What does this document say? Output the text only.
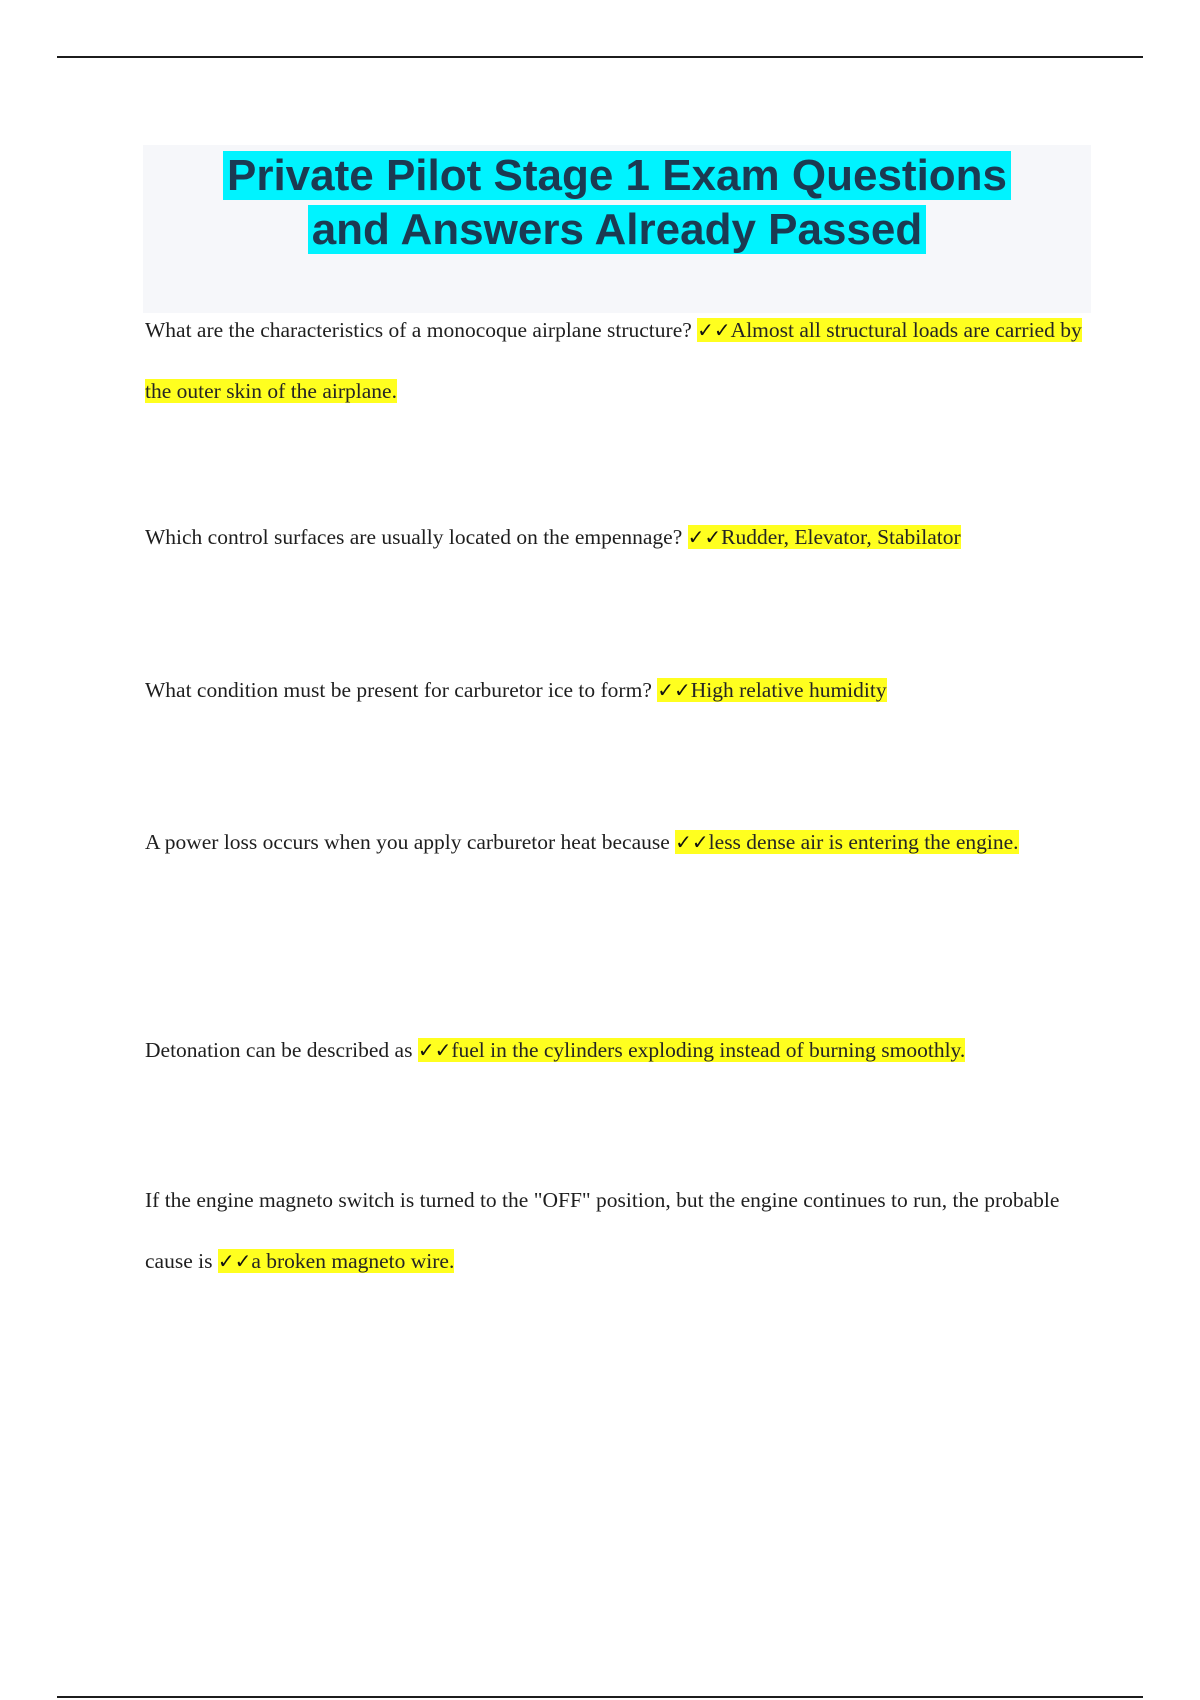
Private Pilot Stage 1 Exam Questions
and Answers Already Passed
What are the characteristics of a monocoque airplane structure? ✓✓Almost all structural loads are carried by the outer skin of the airplane.
Which control surfaces are usually located on the empennage? ✓✓Rudder, Elevator, Stabilator
What condition must be present for carburetor ice to form? ✓✓High relative humidity
A power loss occurs when you apply carburetor heat because ✓✓less dense air is entering the engine.
Detonation can be described as ✓✓fuel in the cylinders exploding instead of burning smoothly.
If the engine magneto switch is turned to the "OFF" position, but the engine continues to run, the probable cause is ✓✓a broken magneto wire.
